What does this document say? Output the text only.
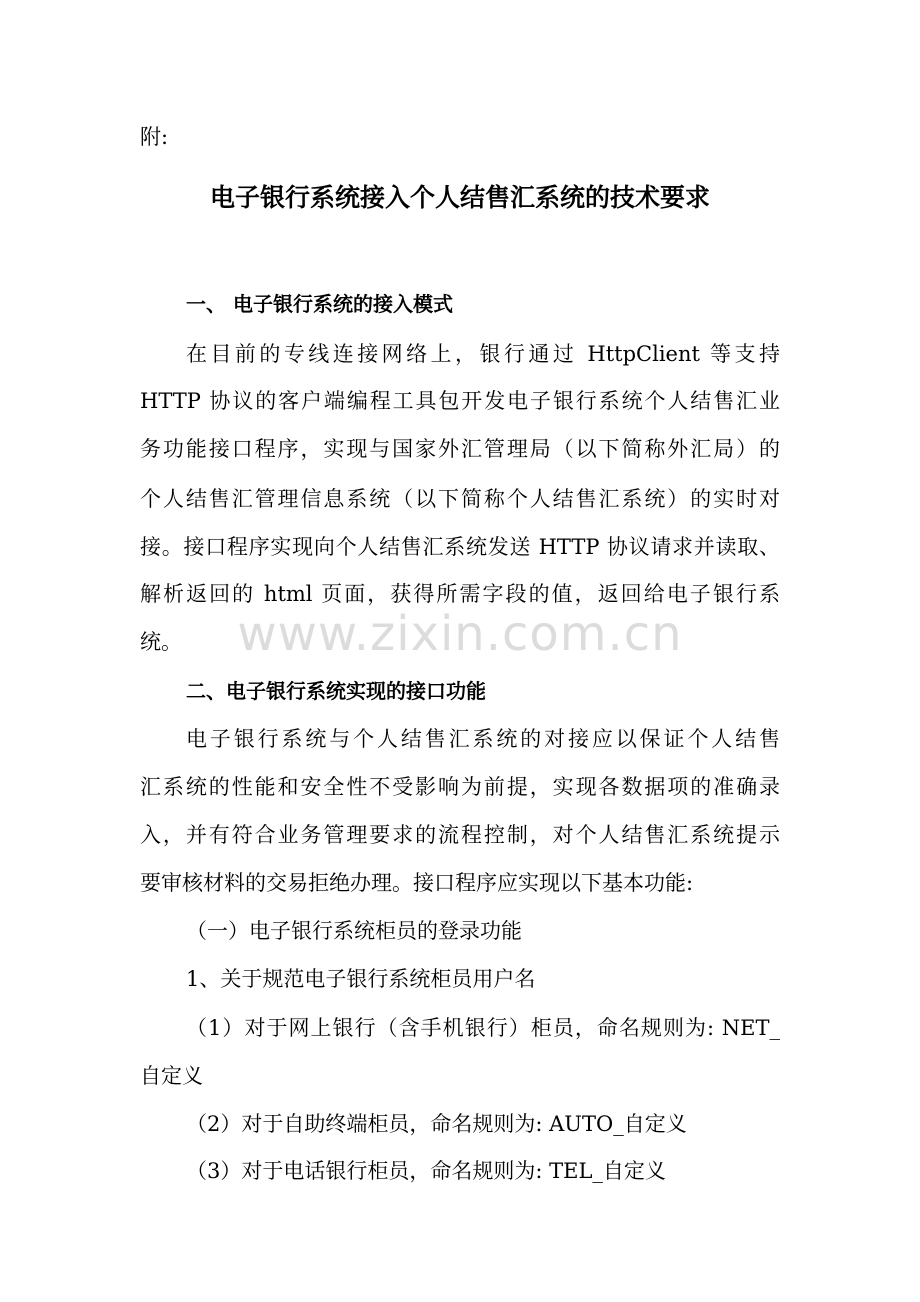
附:
电子银行系统接入个人结售汇系统的技术要求
一、 电子银行系统的接入模式
在目前的专线连接网络上，银行通过 HttpClient 等支持
HTTP 协议的客户端编程工具包开发电子银行系统个人结售汇业
务功能接口程序，实现与国家外汇管理局（以下简称外汇局）的
个人结售汇管理信息系统（以下简称个人结售汇系统）的实时对
接。接口程序实现向个人结售汇系统发送 HTTP 协议请求并读取、
解析返回的 html 页面，获得所需字段的值，返回给电子银行系
统。
二、电子银行系统实现的接口功能
电子银行系统与个人结售汇系统的对接应以保证个人结售
汇系统的性能和安全性不受影响为前提，实现各数据项的准确录
入，并有符合业务管理要求的流程控制，对个人结售汇系统提示
要审核材料的交易拒绝办理。接口程序应实现以下基本功能:
（一）电子银行系统柜员的登录功能
1、关于规范电子银行系统柜员用户名
（1）对于网上银行（含手机银行）柜员，命名规则为: NET_
自定义
（2）对于自助终端柜员，命名规则为: AUTO_自定义
（3）对于电话银行柜员，命名规则为: TEL_自定义
www.zixin.com.cn
